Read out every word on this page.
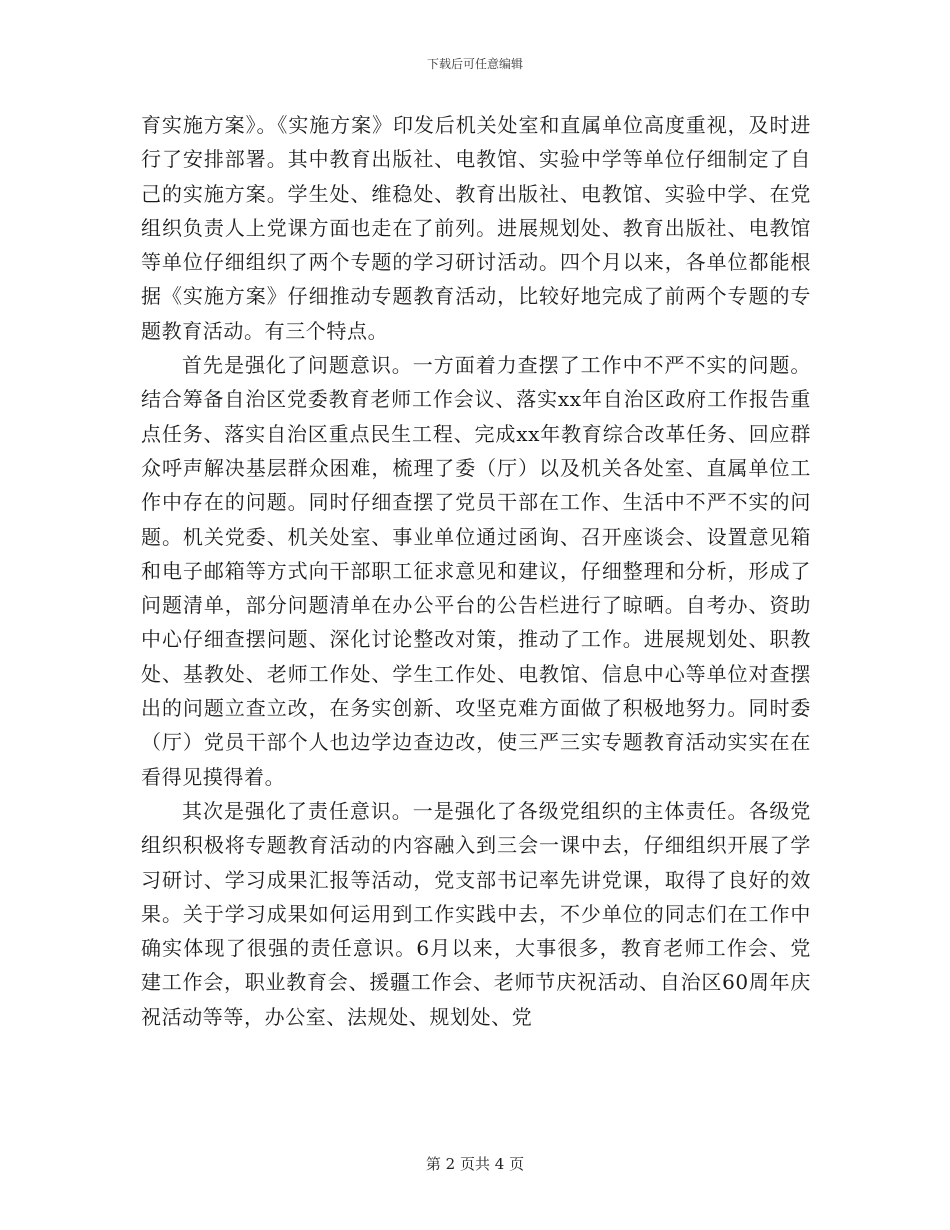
下载后可任意编辑

育实施方案》。《实施方案》印发后机关处室和直属单位高度重视，及时进行了安排部署。其中教育出版社、电教馆、实验中学等单位仔细制定了自己的实施方案。学生处、维稳处、教育出版社、电教馆、实验中学、在党组织负责人上党课方面也走在了前列。进展规划处、教育出版社、电教馆等单位仔细组织了两个专题的学习研讨活动。四个月以来，各单位都能根据《实施方案》仔细推动专题教育活动，比较好地完成了前两个专题的专题教育活动。有三个特点。

首先是强化了问题意识。一方面着力查摆了工作中不严不实的问题。结合筹备自治区党委教育老师工作会议、落实xx年自治区政府工作报告重点任务、落实自治区重点民生工程、完成xx年教育综合改革任务、回应群众呼声解决基层群众困难，梳理了委（厅）以及机关各处室、直属单位工作中存在的问题。同时仔细查摆了党员干部在工作、生活中不严不实的问题。机关党委、机关处室、事业单位通过函询、召开座谈会、设置意见箱和电子邮箱等方式向干部职工征求意见和建议，仔细整理和分析，形成了问题清单，部分问题清单在办公平台的公告栏进行了晾晒。自考办、资助中心仔细查摆问题、深化讨论整改对策，推动了工作。进展规划处、职教处、基教处、老师工作处、学生工作处、电教馆、信息中心等单位对查摆出的问题立查立改，在务实创新、攻坚克难方面做了积极地努力。同时委（厅）党员干部个人也边学边查边改，使三严三实专题教育活动实实在在看得见摸得着。

其次是强化了责任意识。一是强化了各级党组织的主体责任。各级党组织积极将专题教育活动的内容融入到三会一课中去，仔细组织开展了学习研讨、学习成果汇报等活动，党支部书记率先讲党课，取得了良好的效果。关于学习成果如何运用到工作实践中去，不少单位的同志们在工作中确实体现了很强的责任意识。6月以来，大事很多，教育老师工作会、党建工作会，职业教育会、援疆工作会、老师节庆祝活动、自治区60周年庆祝活动等等，办公室、法规处、规划处、党

第 2 页共 4 页
